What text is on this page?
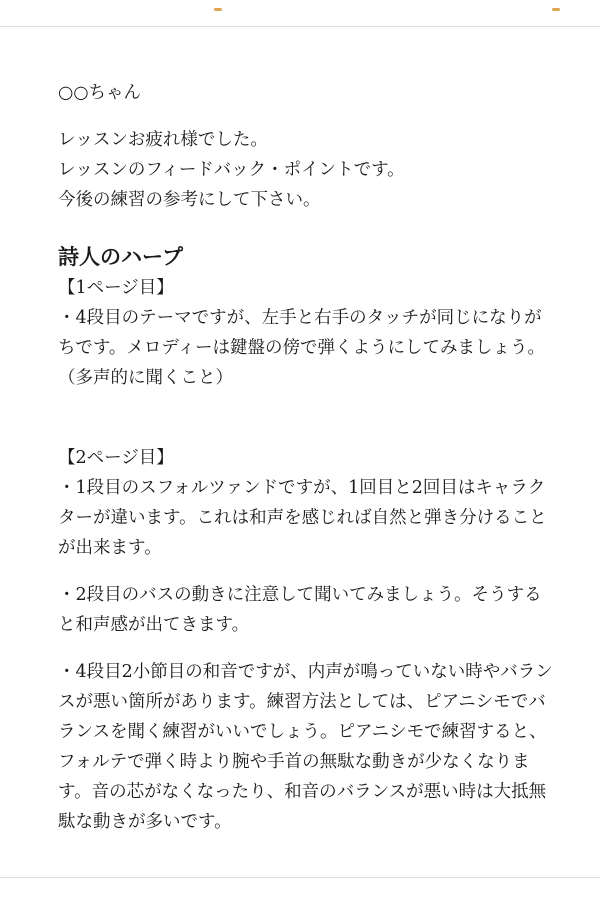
○○ちゃん

レッスンお疲れ様でした。
レッスンのフィードバック・ポイントです。
今後の練習の参考にして下さい。

詩人のハープ

【1ページ目】

・4段目のテーマですが、左手と右手のタッチが同じになりがちです。メロディーは鍵盤の傍で弾くようにしてみましょう。（多声的に聞くこと）

【2ページ目】

・1段目のスフォルツァンドですが、1回目と2回目はキャラクターが違います。これは和声を感じれば自然と弾き分けることが出来ます。

・2段目のバスの動きに注意して聞いてみましょう。そうすると和声感が出てきます。

・4段目2小節目の和音ですが、内声が鳴っていない時やバランスが悪い箇所があります。練習方法としては、ピアニシモでバランスを聞く練習がいいでしょう。ピアニシモで練習すると、フォルテで弾く時より腕や手首の無駄な動きが少なくなります。音の芯がなくなったり、和音のバランスが悪い時は大抵無駄な動きが多いです。
